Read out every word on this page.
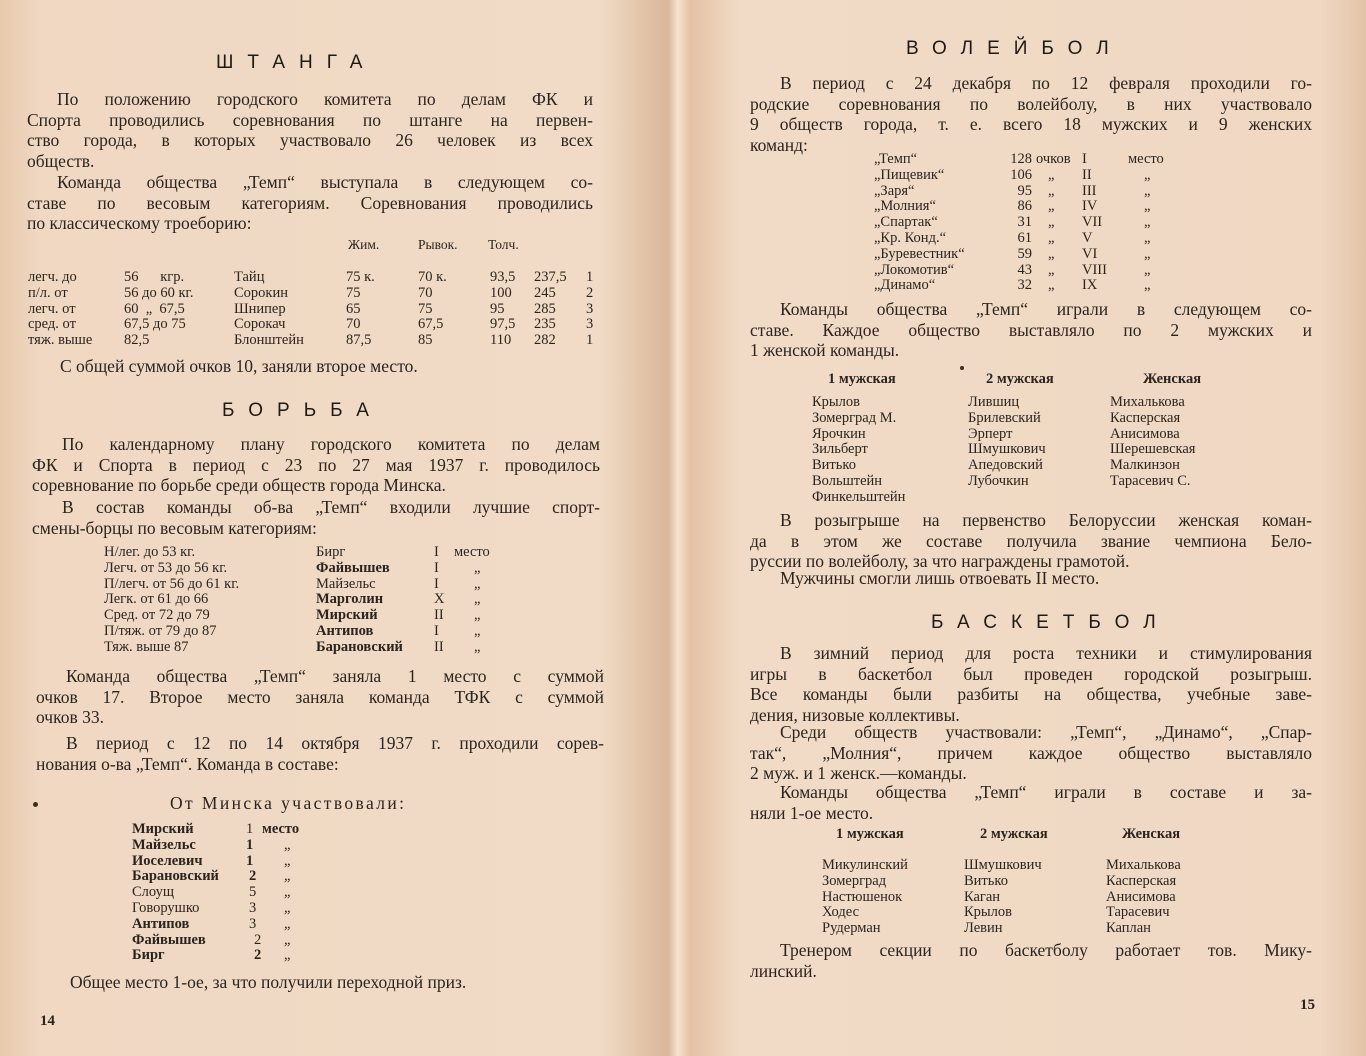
ШТАНГА
По положению городского комитета по делам ФК и
Спорта проводились соревнования по штанге на первен-
ство города, в которых участвовало 26 человек из всех
обществ.
Команда общества „Темп“ выступала в следующем со-
ставе по весовым категориям. Соревнования проводились
по классическому троеборию:
Жим.	Рывок. Толч.
легч. до	56      кгр.	Тайц	75 к.	70 к.	93,5	237,5	1
п/л. от	56 до 60 кг.	Сорокин	75	70	100	245	2
легч. от	60  „  67,5	Шнипер	65	75	95	285	3
сред. от	67,5 до 75	Сорокач	70	67,5	97,5	235	3
тяж. выше	82,5	Блонштейн	87,5	85	110	282	1
С общей суммой очков 10, заняли второе место.
БОРЬБА
По календарному плану городского комитета по делам
ФК и Спорта в период с 23 по 27 мая 1937 г. проводилось
соревнование по борьбе среди обществ города Минска.
В состав команды об-ва „Темп“ входили лучшие спорт-
смены-борцы по весовым категориям:
Н/лег. до 53 кг.	Бирг	I	место
Легч. от 53 до 56 кг.	Файвышев	I	„
П/легч. от 56 до 61 кг.	Майзельс	I	„
Легк. от 61 до 66	Марголин	X	„
Сред. от 72 до 79	Мирский	II	„
П/тяж. от 79 до 87	Антипов	I	„
Тяж. выше 87	Барановский	II	„
Команда общества „Темп“ заняла 1 место с суммой
очков 17. Второе место заняла команда ТФК с суммой
очков 33.
В период с 12 по 14 октября 1937 г. проходили сорев-
нования о-ва „Темп“. Команда в составе:
От Минска участвовали:
Мирский	1	место
Майзельс	1	„
Иоселевич	1	„
Барановский	2	„
Слоущ	5	„
Говорушко	3	„
Антипов	3	„
Файвышев	2	„
Бирг	2	„
Общее место 1-ое, за что получили переходной приз.
14
ВОЛЕЙБОЛ
В период с 24 декабря по 12 февраля проходили го-
родские соревнования по волейболу, в них участвовало
9 обществ города, т. е. всего 18 мужских и 9 женских
команд:
„Темп“	128	очков	I	место
„Пищевик“	106	„	II	„
„Заря“	95	„	III	„
„Молния“	86	„	IV	„
„Спартак“	31	„	VII	„
„Кр. Конд.“	61	„	V	„
„Буревестник“	59	„	VI	„
„Локомотив“	43	„	VIII	„
„Динамо“	32	„	IX	„
Команды общества „Темп“ играли в следующем со-
ставе. Каждое общество выставляло по 2 мужских и
1 женской команды.
1 мужская	2 мужская	Женская
Крылов	Лившиц	Михалькова
Зомерград М.	Брилевский	Касперская
Ярочкин	Эрперт	Анисимова
Зильберт	Шмушкович	Шерешевская
Витько	Апедовский	Малкинзон
Вольштейн	Лубочкин	Тарасевич С.
Финкельштейн		
В розыгрыше на первенство Белоруссии женская коман-
да в этом же составе получила звание чемпиона Бело-
руссии по волейболу, за что награждены грамотой.
Мужчины смогли лишь отвоевать II место.
БАСКЕТБОЛ
В зимний период для роста техники и стимулирования
игры в баскетбол был проведен городской розыгрыш.
Все команды были разбиты на общества, учебные заве-
дения, низовые коллективы.
Среди обществ участвовали: „Темп“, „Динамо“, „Спар-
так“, „Молния“, причем каждое общество выставляло
2 муж. и 1 женск.—команды.
Команды общества „Темп“ играли в составе и за-
няли 1-ое место.
1 мужская	2 мужская	Женская
Микулинский	Шмушкович	Михалькова
Зомерград	Витько	Касперская
Настюшенок	Каган	Анисимова
Ходес	Крылов	Тарасевич
Рудерман	Левин	Каплан
Тренером секции по баскетболу работает тов. Мику-
линский.
15
